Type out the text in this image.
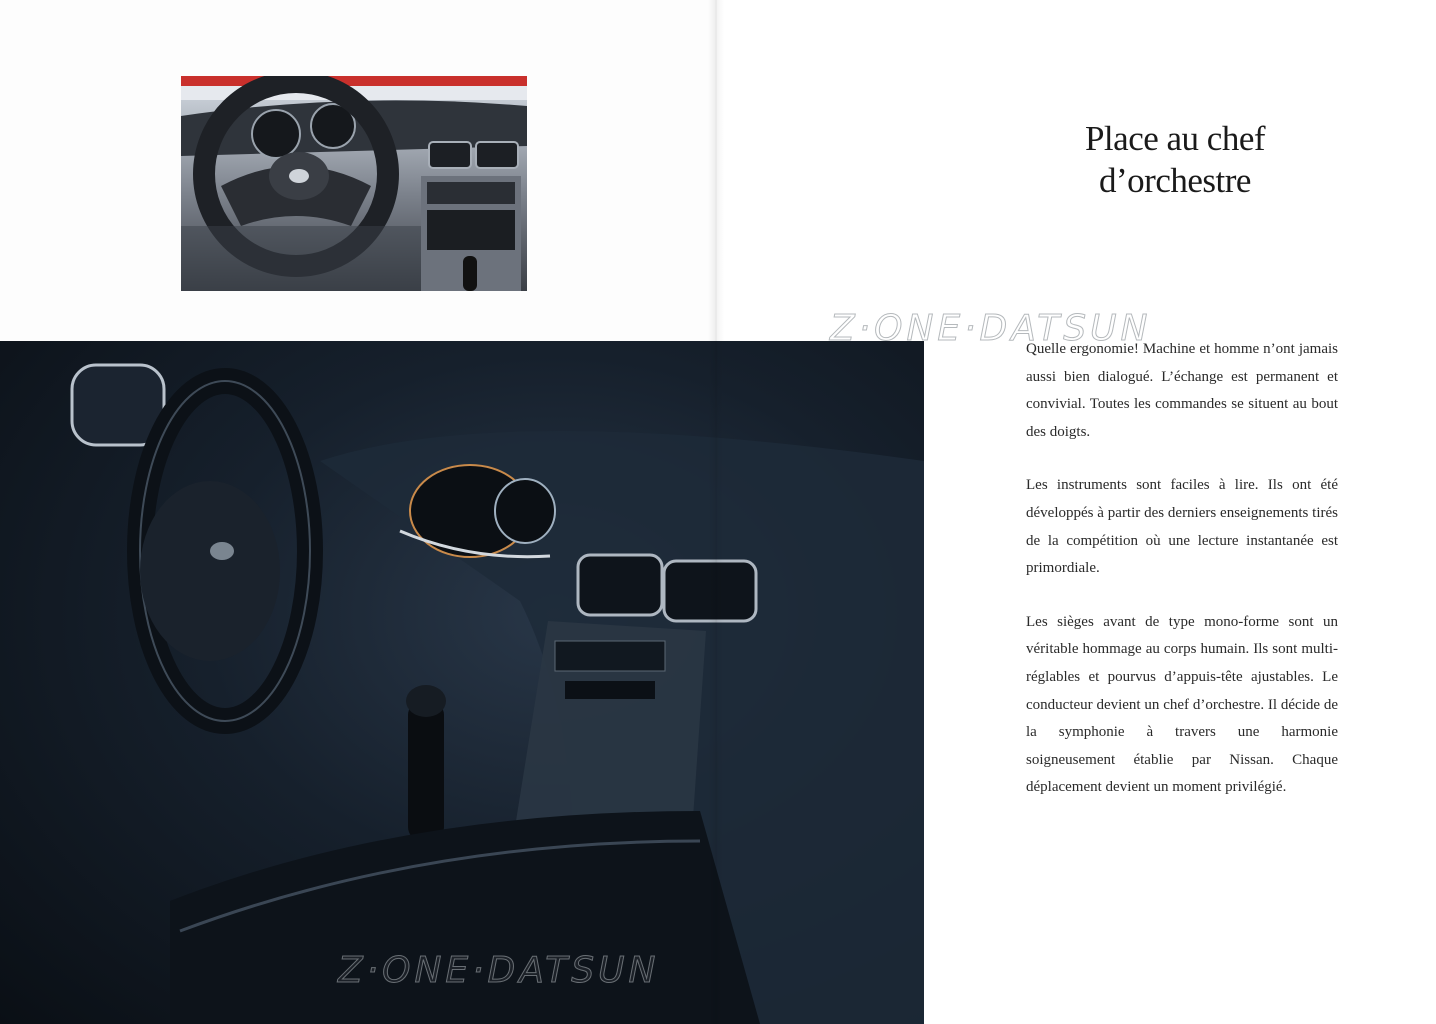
Place au chef
d’orchestre

Quelle ergonomie! Machine et homme n’ont jamais aussi bien dialogué. L’échange est permanent et convivial. Toutes les commandes se situent au bout des doigts.

Les instruments sont faciles à lire. Ils ont été développés à partir des derniers enseignements tirés de la compétition où une lecture instantanée est primordiale.

Les sièges avant de type mono-forme sont un véritable hommage au corps humain. Ils sont multi-réglables et pourvus d’appuis-tête ajustables. Le conducteur devient un chef d’orchestre. Il décide de la symphonie à travers une harmonie soigneusement établie par Nissan. Chaque déplacement devient un moment privilégié.

Z·ONE·DATSUN
Z·ONE·DATSUN
